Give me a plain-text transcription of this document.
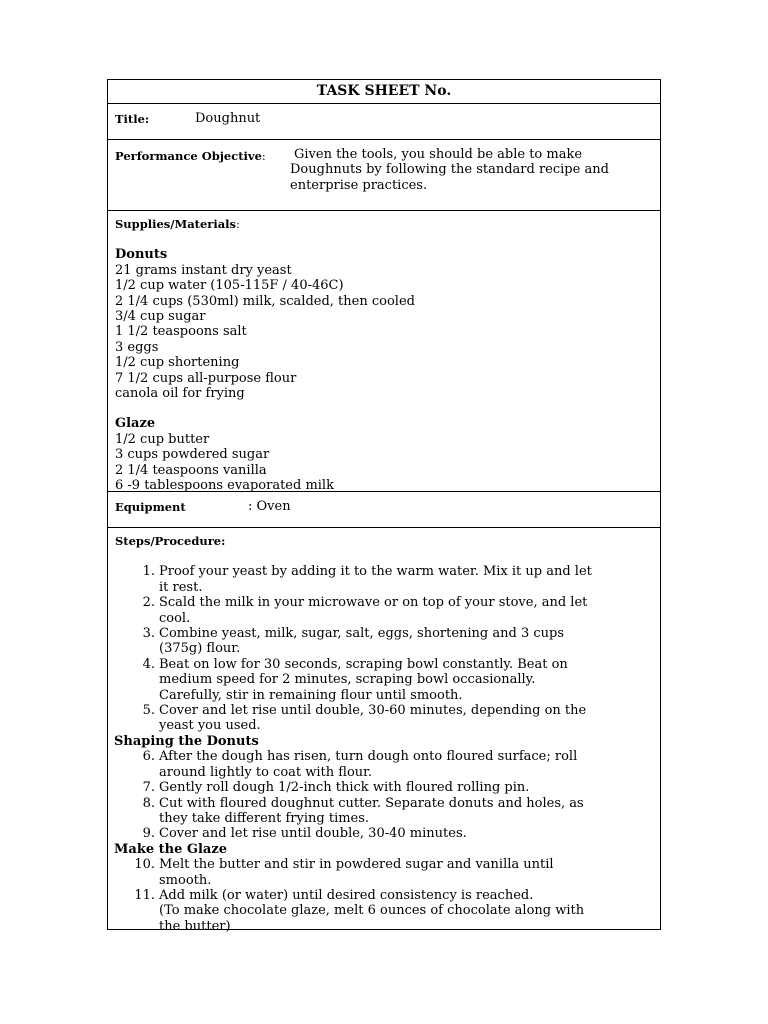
TASK SHEET No.
Title:	Doughnut
Performance Objective:	Given the tools, you should be able to make
Doughnuts by following the standard recipe and
enterprise practices.
Supplies/Materials:
Donuts
21 grams instant dry yeast
1/2 cup water (105-115F / 40-46C)
2 1/4 cups (530ml) milk, scalded, then cooled
3/4 cup sugar
1 1/2 teaspoons salt
3 eggs
1/2 cup shortening
7 1/2 cups all-purpose flour
canola oil for frying
Glaze
1/2 cup butter
3 cups powdered sugar
2 1/4 teaspoons vanilla
6 -9 tablespoons evaporated milk
Equipment	: Oven
Steps/Procedure:
1. Proof your yeast by adding it to the warm water. Mix it up and let
it rest.
2. Scald the milk in your microwave or on top of your stove, and let
cool.
3. Combine yeast, milk, sugar, salt, eggs, shortening and 3 cups
(375g) flour.
4. Beat on low for 30 seconds, scraping bowl constantly. Beat on
medium speed for 2 minutes, scraping bowl occasionally.
Carefully, stir in remaining flour until smooth.
5. Cover and let rise until double, 30-60 minutes, depending on the
yeast you used.
Shaping the Donuts
6. After the dough has risen, turn dough onto floured surface; roll
around lightly to coat with flour.
7. Gently roll dough 1/2-inch thick with floured rolling pin.
8. Cut with floured doughnut cutter. Separate donuts and holes, as
they take different frying times.
9. Cover and let rise until double, 30-40 minutes.
Make the Glaze
10. Melt the butter and stir in powdered sugar and vanilla until
smooth.
11. Add milk (or water) until desired consistency is reached.
(To make chocolate glaze, melt 6 ounces of chocolate along with
the butter)
